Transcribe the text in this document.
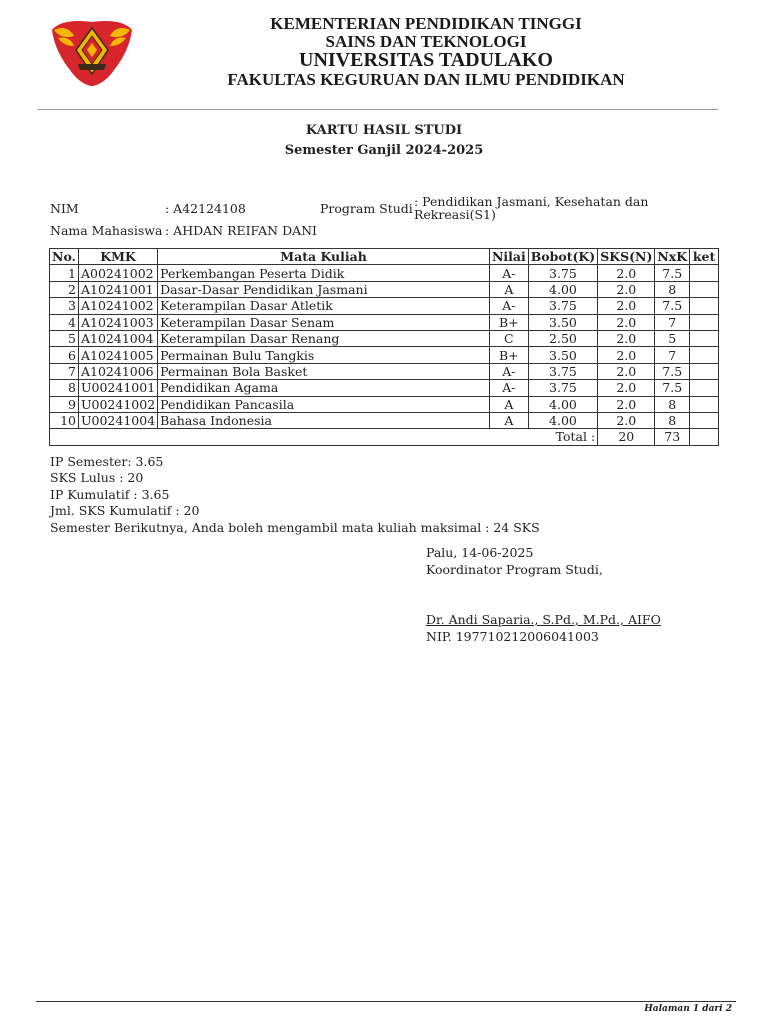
UNIVERSITAS TADULAKO
KEMENTERIAN PENDIDIKAN TINGGI
SAINS DAN TEKNOLOGI
UNIVERSITAS TADULAKO
FAKULTAS KEGURUAN DAN ILMU PENDIDIKAN
KARTU HASIL STUDI
Semester Ganjil 2024-2025
NIM	: A42124108	Program Studi : Pendidikan Jasmani, Kesehatan dan
Rekreasi(S1)
Nama Mahasiswa : AHDAN REIFAN DANI
No.	KMK	Mata Kuliah	Nilai	Bobot(K)	SKS(N)	NxK	ket
1	A00241002	Perkembangan Peserta Didik	A-	3.75	2.0	7.5	
2	A10241001	Dasar-Dasar Pendidikan Jasmani	A	4.00	2.0	8	
3	A10241002	Keterampilan Dasar Atletik	A-	3.75	2.0	7.5	
4	A10241003	Keterampilan Dasar Senam	B+	3.50	2.0	7	
5	A10241004	Keterampilan Dasar Renang	C	2.50	2.0	5	
6	A10241005	Permainan Bulu Tangkis	B+	3.50	2.0	7	
7	A10241006	Permainan Bola Basket	A-	3.75	2.0	7.5	
8	U00241001	Pendidikan Agama	A-	3.75	2.0	7.5	
9	U00241002	Pendidikan Pancasila	A	4.00	2.0	8	
10	U00241004	Bahasa Indonesia	A	4.00	2.0	8	
Total :					20	73	
IP Semester: 3.65
SKS Lulus : 20
IP Kumulatif : 3.65
Jml. SKS Kumulatif : 20
Semester Berikutnya, Anda boleh mengambil mata kuliah maksimal : 24 SKS
Palu, 14-06-2025
Koordinator Program Studi,
Dr. Andi Saparia., S.Pd., M.Pd., AIFO
NIP. 197710212006041003
Halaman 1 dari 2
